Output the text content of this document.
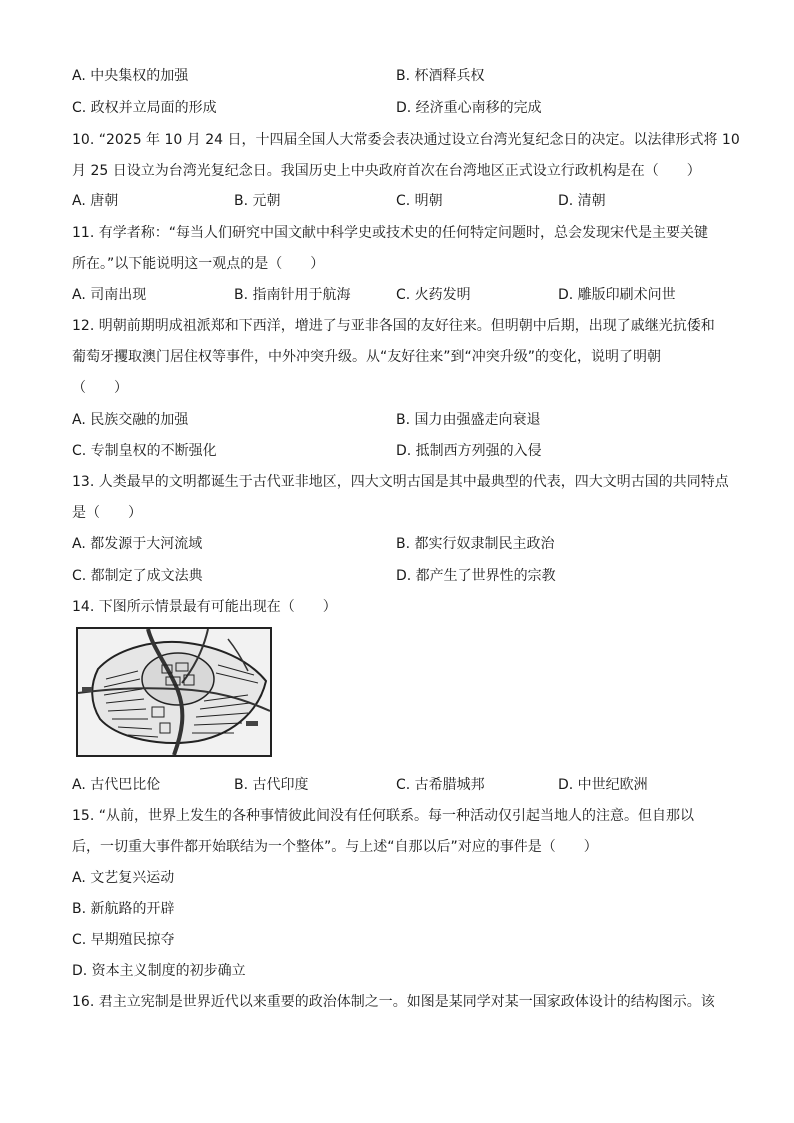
A. 中央集权的加强	B. 杯酒释兵权
C. 政权并立局面的形成	D. 经济重心南移的完成
10. “2025 年 10 月 24 日，十四届全国人大常委会表决通过设立台湾光复纪念日的决定。以法律形式将 10
月 25 日设立为台湾光复纪念日。我国历史上中央政府首次在台湾地区正式设立行政机构是在（　　）
A. 唐朝	B. 元朝	C. 明朝	D. 清朝
11. 有学者称：“每当人们研究中国文献中科学史或技术史的任何特定问题时，总会发现宋代是主要关键
所在。”以下能说明这一观点的是（　　）
A. 司南出现	B. 指南针用于航海	C. 火药发明	D. 雕版印刷术问世
12. 明朝前期明成祖派郑和下西洋，增进了与亚非各国的友好往来。但明朝中后期，出现了戚继光抗倭和
葡萄牙攫取澳门居住权等事件，中外冲突升级。从“友好往来”到“冲突升级”的变化，说明了明朝
（　　）
A. 民族交融的加强	B. 国力由强盛走向衰退
C. 专制皇权的不断强化	D. 抵制西方列强的入侵
13. 人类最早的文明都诞生于古代亚非地区，四大文明古国是其中最典型的代表，四大文明古国的共同特点
是（　　）
A. 都发源于大河流域	B. 都实行奴隶制民主政治
C. 都制定了成文法典	D. 都产生了世界性的宗教
14. 下图所示情景最有可能出现在（　　）
A. 古代巴比伦	B. 古代印度	C. 古希腊城邦	D. 中世纪欧洲
15. “从前，世界上发生的各种事情彼此间没有任何联系。每一种活动仅引起当地人的注意。但自那以
后，一切重大事件都开始联结为一个整体”。与上述“自那以后”对应的事件是（　　）
A. 文艺复兴运动
B. 新航路的开辟
C. 早期殖民掠夺
D. 资本主义制度的初步确立
16. 君主立宪制是世界近代以来重要的政治体制之一。如图是某同学对某一国家政体设计的结构图示。该
